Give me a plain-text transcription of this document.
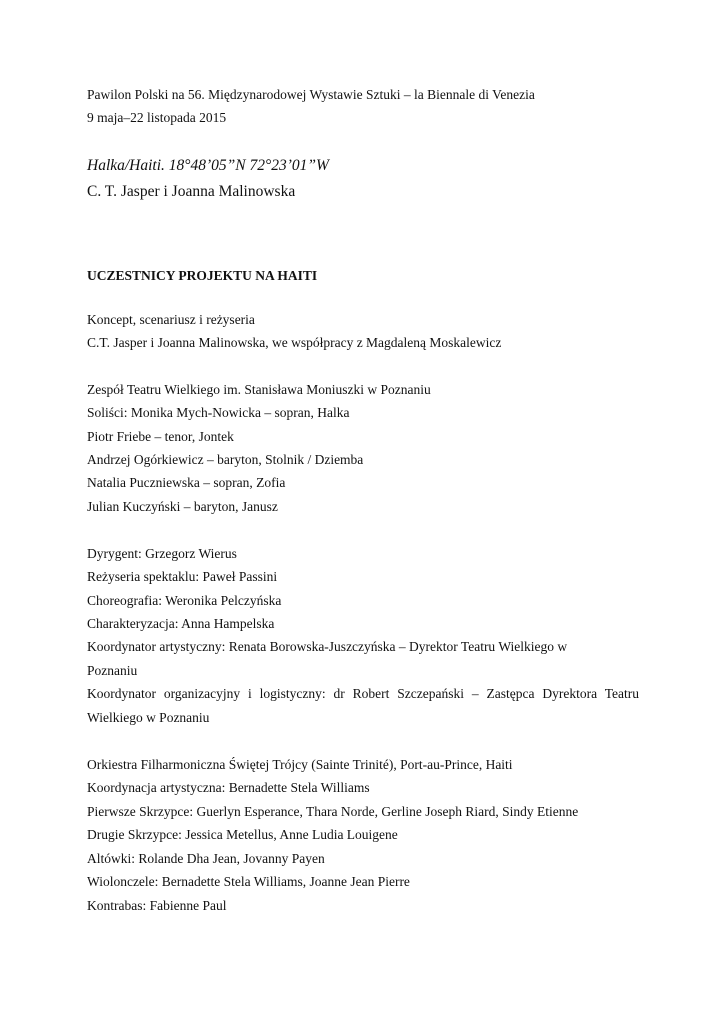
Pawilon Polski na 56. Międzynarodowej Wystawie Sztuki – la Biennale di Venezia
9 maja–22 listopada 2015
Halka/Haiti. 18°48’05”N 72°23’01”W
C. T. Jasper i Joanna Malinowska
UCZESTNICY PROJEKTU NA HAITI
Koncept, scenariusz i reżyseria
C.T. Jasper i Joanna Malinowska, we współpracy z Magdaleną Moskalewicz
Zespół Teatru Wielkiego im. Stanisława Moniuszki w Poznaniu
Soliści: Monika Mych-Nowicka – sopran, Halka
Piotr Friebe – tenor, Jontek
Andrzej Ogórkiewicz – baryton, Stolnik / Dziemba
Natalia Puczniewska – sopran, Zofia
Julian Kuczyński – baryton, Janusz
Dyrygent: Grzegorz Wierus
Reżyseria spektaklu: Paweł Passini
Choreografia: Weronika Pelczyńska
Charakteryzacja: Anna Hampelska
Koordynator artystyczny: Renata Borowska-Juszczyńska – Dyrektor Teatru Wielkiego w
Poznaniu
Koordynator organizacyjny i logistyczny: dr Robert Szczepański – Zastępca Dyrektora Teatru
Wielkiego w Poznaniu
Orkiestra Filharmoniczna Świętej Trójcy (Sainte Trinité), Port-au-Prince, Haiti
Koordynacja artystyczna: Bernadette Stela Williams
Pierwsze Skrzypce: Guerlyn Esperance, Thara Norde, Gerline Joseph Riard, Sindy Etienne
Drugie Skrzypce: Jessica Metellus, Anne Ludia Louigene
Altówki: Rolande Dha Jean, Jovanny Payen
Wiolonczele: Bernadette Stela Williams, Joanne Jean Pierre
Kontrabas: Fabienne Paul
